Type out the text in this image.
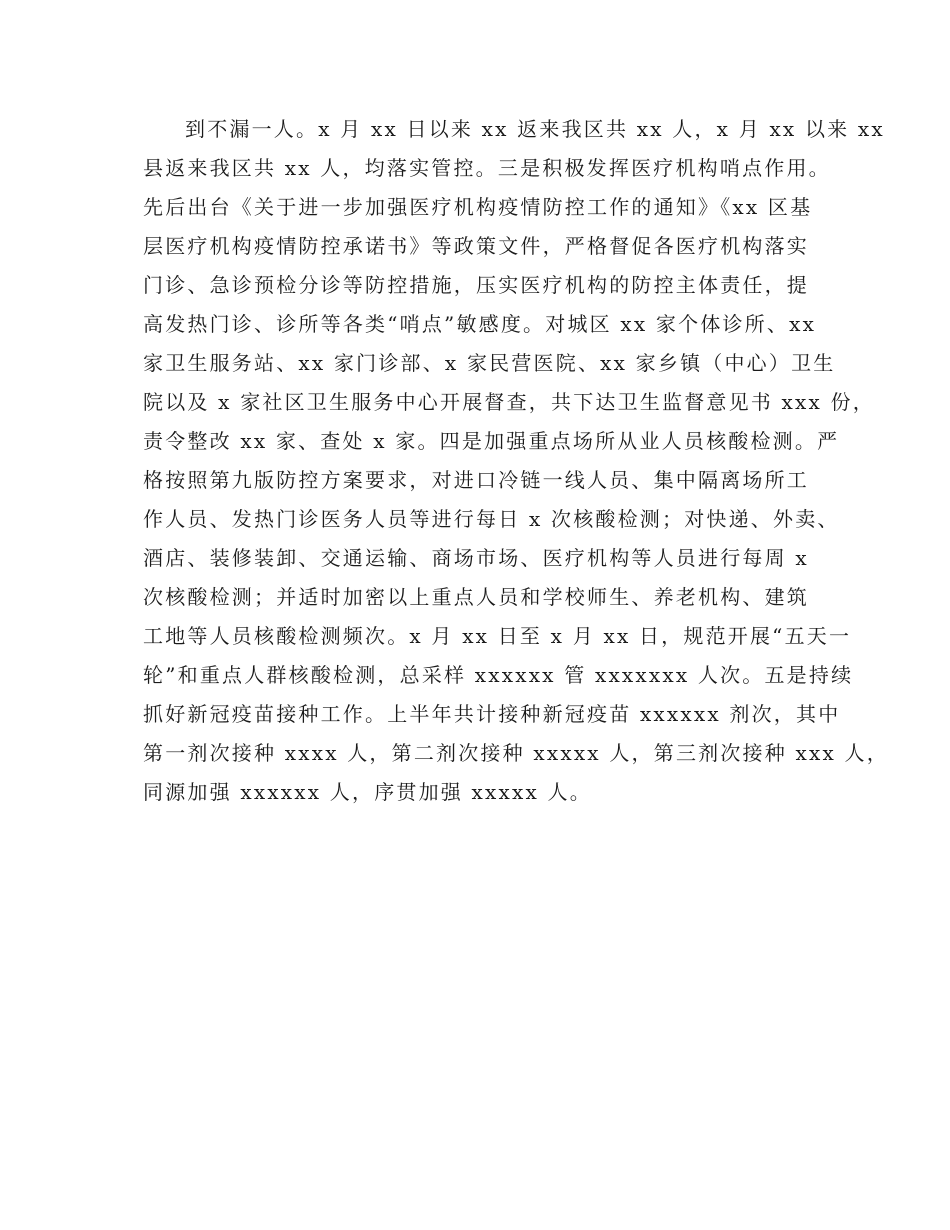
到不漏一人。x 月 xx 日以来 xx 返来我区共 xx 人，x 月 xx 以来 xx
县返来我区共 xx 人，均落实管控。三是积极发挥医疗机构哨点作用。
先后出台《关于进一步加强医疗机构疫情防控工作的通知》《xx 区基
层医疗机构疫情防控承诺书》等政策文件，严格督促各医疗机构落实
门诊、急诊预检分诊等防控措施，压实医疗机构的防控主体责任，提
高发热门诊、诊所等各类“哨点”敏感度。对城区 xx 家个体诊所、xx
家卫生服务站、xx 家门诊部、x 家民营医院、xx 家乡镇（中心）卫生
院以及 x 家社区卫生服务中心开展督查，共下达卫生监督意见书 xxx 份，
责令整改 xx 家、查处 x 家。四是加强重点场所从业人员核酸检测。严
格按照第九版防控方案要求，对进口冷链一线人员、集中隔离场所工
作人员、发热门诊医务人员等进行每日 x 次核酸检测；对快递、外卖、
酒店、装修装卸、交通运输、商场市场、医疗机构等人员进行每周 x
次核酸检测；并适时加密以上重点人员和学校师生、养老机构、建筑
工地等人员核酸检测频次。x 月 xx 日至 x 月 xx 日，规范开展“五天一
轮”和重点人群核酸检测，总采样 xxxxxx 管 xxxxxxx 人次。五是持续
抓好新冠疫苗接种工作。上半年共计接种新冠疫苗 xxxxxx 剂次，其中
第一剂次接种 xxxx 人，第二剂次接种 xxxxx 人，第三剂次接种 xxx 人，
同源加强 xxxxxx 人，序贯加强 xxxxx 人。
